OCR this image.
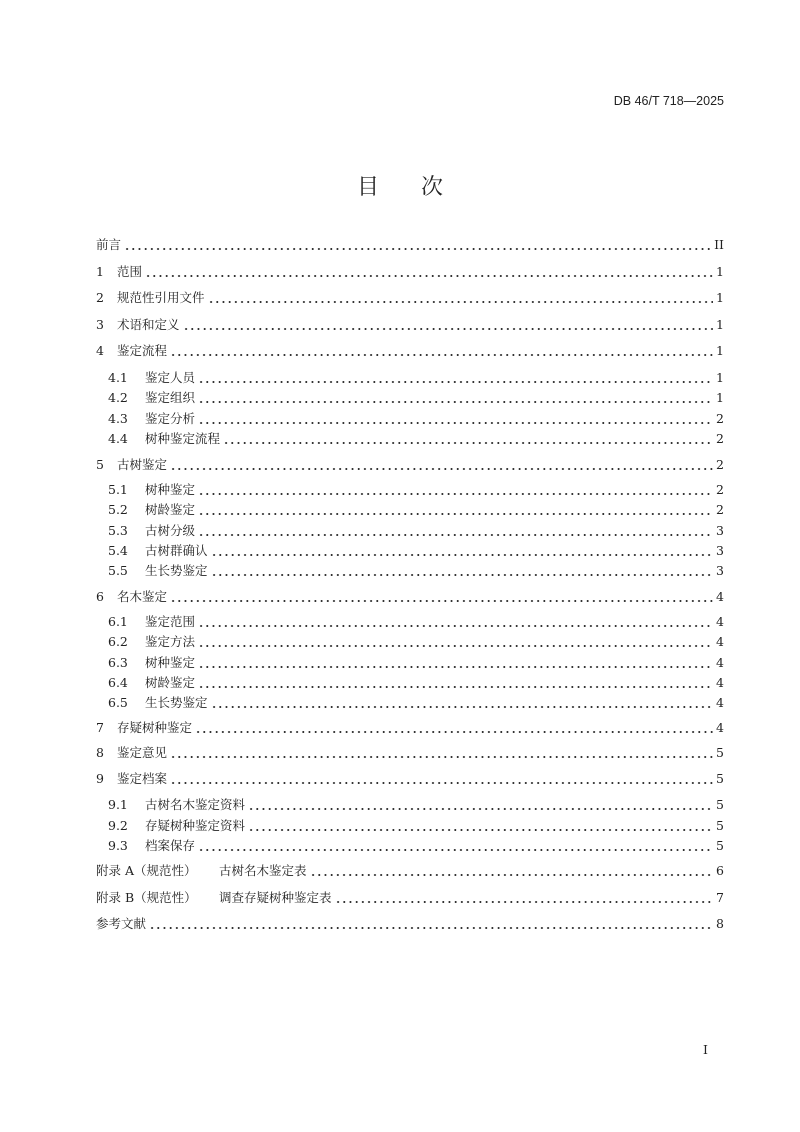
DB 46/T 718—2025
目 次
前言	II
1	范围	1
2	规范性引用文件	1
3	术语和定义	1
4	鉴定流程	1
4.1	鉴定人员	1
4.2	鉴定组织	1
4.3	鉴定分析	2
4.4	树种鉴定流程	2
5	古树鉴定	2
5.1	树种鉴定	2
5.2	树龄鉴定	2
5.3	古树分级	3
5.4	古树群确认	3
5.5	生长势鉴定	3
6	名木鉴定	4
6.1	鉴定范围	4
6.2	鉴定方法	4
6.3	树种鉴定	4
6.4	树龄鉴定	4
6.5	生长势鉴定	4
7	存疑树种鉴定	4
8	鉴定意见	5
9	鉴定档案	5
9.1	古树名木鉴定资料	5
9.2	存疑树种鉴定资料	5
9.3	档案保存	5
附录 A（规范性）	古树名木鉴定表	6
附录 B（规范性）	调查存疑树种鉴定表	7
参考文献	8
I
